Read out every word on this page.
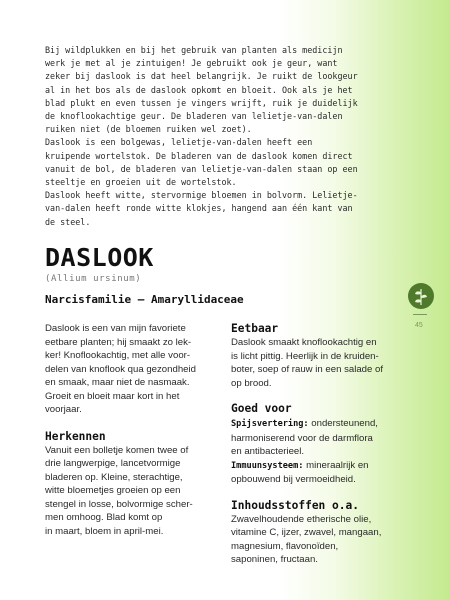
Bij wildplukken en bij het gebruik van planten als medicijn
werk je met al je zintuigen! Je gebruikt ook je geur, want
zeker bij daslook is dat heel belangrijk. Je ruikt de lookgeur
al in het bos als de daslook opkomt en bloeit. Ook als je het
blad plukt en even tussen je vingers wrijft, ruik je duidelijk
de knoflookachtige geur. De bladeren van lelietje-van-dalen
ruiken niet (de bloemen ruiken wel zoet).
Daslook is een bolgewas, lelietje-van-dalen heeft een
kruipende wortelstok. De bladeren van de daslook komen direct
vanuit de bol, de bladeren van lelietje-van-dalen staan op een
steeltje en groeien uit de wortelstok.
Daslook heeft witte, stervormige bloemen in bolvorm. Lelietje-
van-dalen heeft ronde witte klokjes, hangend aan één kant van
de steel.
DASLOOK

(Allium ursinum)

Narcisfamilie — Amaryllidaceae

45
Daslook is een van mijn favoriete
eetbare planten; hij smaakt zo lek-
ker! Knoflookachtig, met alle voor-
delen van knoflook qua gezondheid
en smaak, maar niet de nasmaak.
Groeit en bloeit maar kort in het
voorjaar.
Herkennen
Vanuit een bolletje komen twee of
drie langwerpige, lancetvormige
bladeren op. Kleine, sterachtige,
witte bloemetjes groeien op een
stengel in losse, bolvormige scher-
men omhoog. Blad komt op
in maart, bloem in april-mei.
Eetbaar
Daslook smaakt knoflookachtig en
is licht pittig. Heerlijk in de kruiden-
boter, soep of rauw in een salade of
op brood.
Goed voor
Spijsvertering: ondersteunend,
harmoniserend voor de darmflora
en antibacterieel.
Immuunsysteem: mineraalrijk en
opbouwend bij vermoeidheid.
Inhoudsstoffen o.a.
Zwavelhoudende etherische olie,
vitamine C, ijzer, zwavel, mangaan,
magnesium, flavonoïden,
saponinen, fructaan.
